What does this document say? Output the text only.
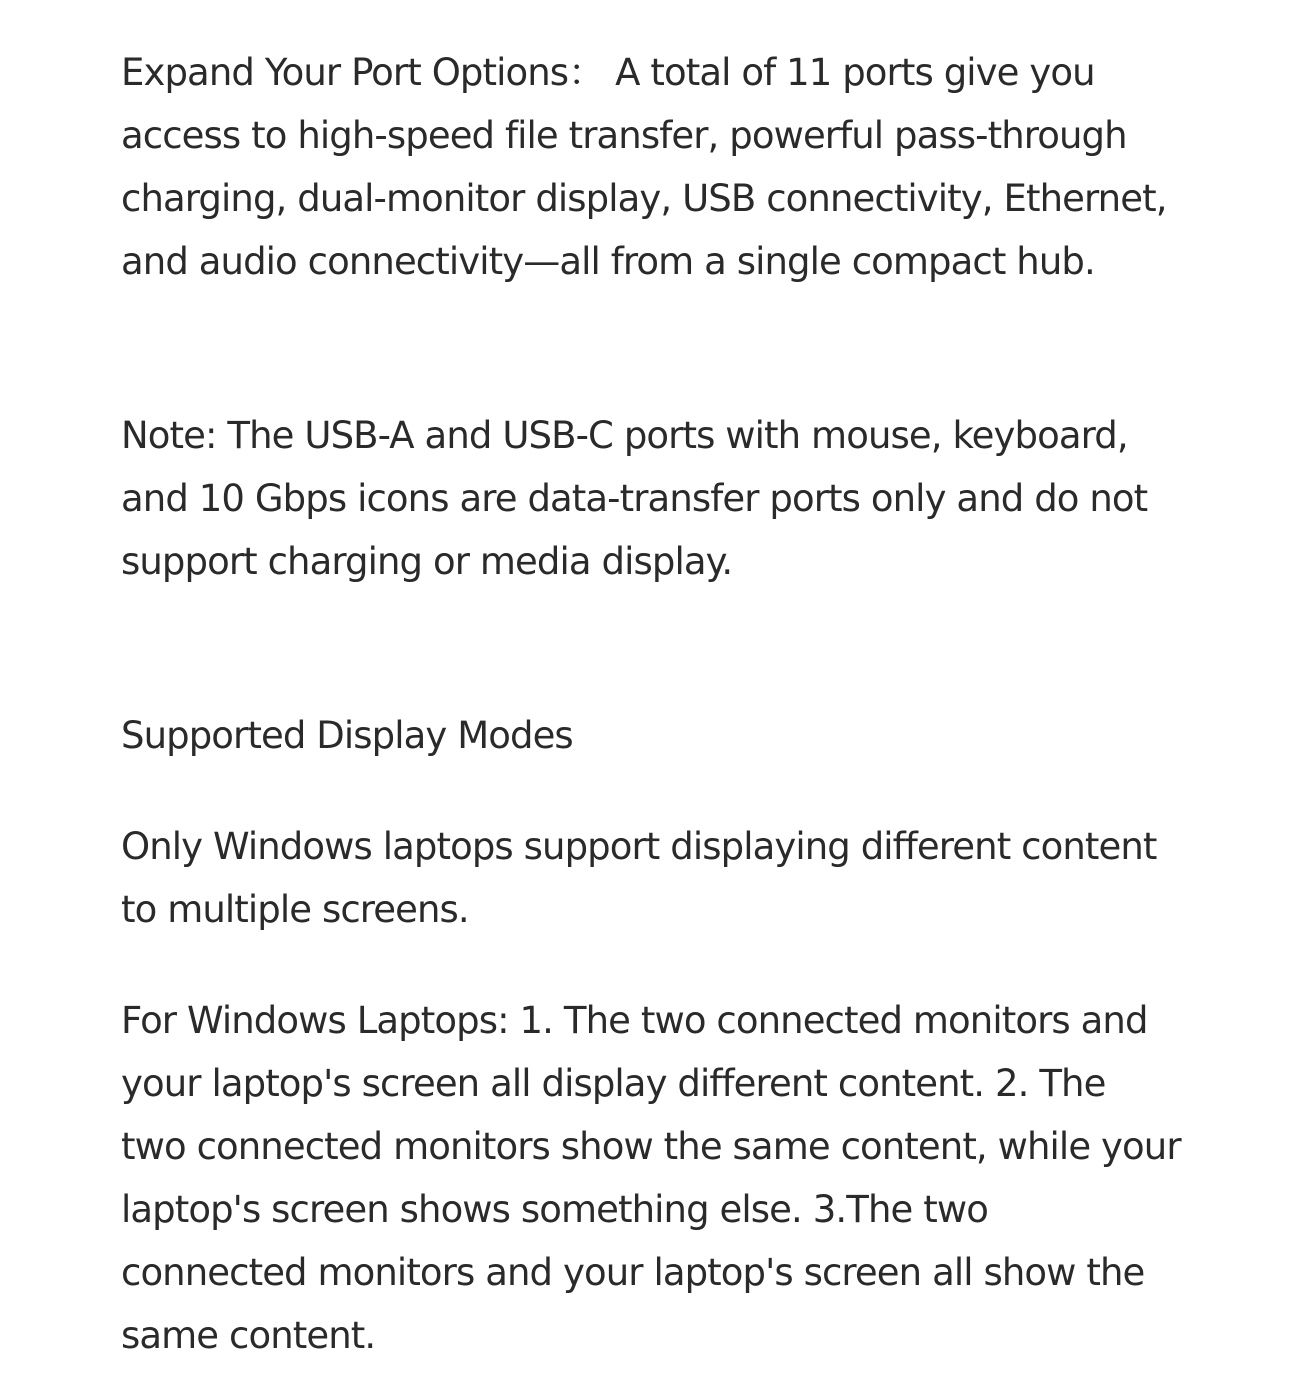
Expand Your Port Options： A total of 11 ports give you access to high-speed file transfer, powerful pass-through charging, dual-monitor display, USB connectivity, Ethernet, and audio connectivity—all from a single compact hub.

Note: The USB-A and USB-C ports with mouse, keyboard, and 10 Gbps icons are data-transfer ports only and do not support charging or media display.

Supported Display Modes

Only Windows laptops support displaying different content to multiple screens.

For Windows Laptops: 1. The two connected monitors and your laptop's screen all display different content. 2. The two connected monitors show the same content, while your laptop's screen shows something else. 3.The two connected monitors and your laptop's screen all show the same content.
